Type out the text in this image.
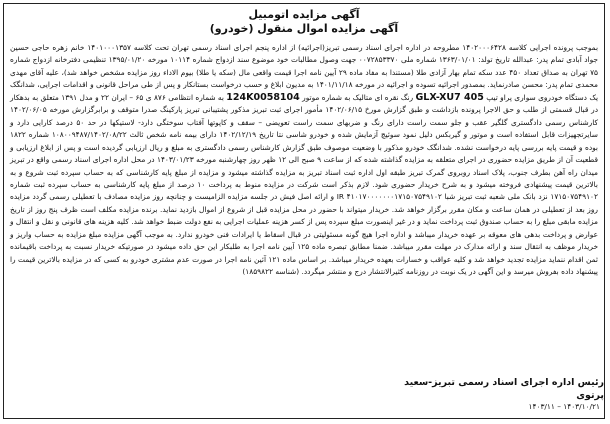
آگهی مزایده اتومبیل

آگهی مزایده اموال منقول (خودرو)

بموجب پرونده اجرایی کلاسه ۱۴۰۲۰۰۰۶۴۲۸ مطروحه در اداره اجرای اسناد رسمی تبریز(اجرائیه) از اداره پنجم اجرای اسناد رسمی تهران تحت کلاسه ۱۴۰۱۰۰۰۱۳۵۷ خانم زهره حاجی حسین جواد آبادی تمام پدر: عبدالله تاریخ تولد: ۱۳۶۳/۰۱/۰۱ شماره ملی ۰۰۷۲۸۵۳۳۷۰ جهت وصول مطالبات خود موضوع سند ازدواج شماره ۱۰۱۱۴ مورخه ۱۳۹۵/۰۱/۲۰ تنظیمی دفترخانه ازدواج شماره ۷۵ تهران به صداق تعداد ۴۵۰ عدد سکه تمام بهار آزادی طلا (مستندا به مفاد ماده ۲۹ آیین نامه اجرا قیمت واقعی مال (سکه یا طلا) بیوم الاداء روز مزایده مشخص خواهد شد)، علیه آقای مهدی محمدی تمام پدر: محسن صادرنماید. بمصدور اجرائیه تسوده و اجرائیه در مورخه ۱۴۰۱/۱۱/۱۸ به مدیون ابلاغ و حسب درخواست بستانکار و پس از طی مراحل قانونی و اقدامات اجرایی، شدانگک یک دستگاه خودروی سواری پراو تیپ GLX-XU7 405 رنگ نقره ای متالیک به شماره موتور 124K0058104 به شماره انتظامی ۸۷۶ ی ۶۵ – ایران ۲۲ و مدل ۱۳۹۱ متعلق به بدهکار در قبال قسمتی از طلب و حق الاجرا پرونده بازداشت و طبق گزارش مورخ ۱۴۰۲/۰۶/۱۵ مأمور اجرای ثبت تبریز مذکور پشتیبانی تبریز پارکینگ صدرا متوقف و برابرگزارش مورخه ۱۴۰۲/۰۶/۰۵ کارشناس رسمی دادگستری گلگیر عقب و جلو سمت راست دارای رنگ و ضربهای سمت راست تعویضی – سقف و کاپوتها آفتاب سوختگی دارد- لاستیکها در حد ۵۰ درصد کارایی دارد و سایرتجهیزات قابل استفاده است و موتور و گیربکس دلیل نمود سوئیچ آزمایش شده و خودرو شاسی نتا تاریخ ۱۴۰۲/۱۲/۱۹ دارای بیمه نامه شخص ثالث ۱۰۸۰۰۹۴۸۷/۱۴۰۲/۰۸/۲۲ شماره ۱۸۲۲ بوده و قیمت پایه بررسی پایه درخواست نشده. شدانگک خودرو مذکور با وضعیت موصوف طبق گزارش کارشناس رسمی دادگستری به مبلغ و ریال ارزیابی گردیده است و پس از ابلاغ ارزیابی و قطعیت آن از طریق مزایده حضوری در اجرای متعلقه به مزایده گذاشته شده که از ساعت ۹ صبح الی ۱۲ ظهر روز چهارشنبه مورخه ۱۴۰۳/۰۱/۲۳ در محل اداره اجرای اسناد رسمی واقع در تبریز میدان راه آهن بطرف جنوب، پلاک اسناد روبروی گمرک تبریز طبقه اول اداره ثبت اسناد تبریز به مزایده گذاشته میشود و مزایده از مبلغ پایه کارشناسی که به حساب سپرده ثبت شروع و به بالاترین قیمت پیشنهادی فروخته میشود و به شرح خریدار حضوری شود. لازم بذکر است شرکت در مزایده منوط به پرداخت ۱۰ درصد از مبلغ پایه کارشناسی به حساب سپرده ثبت شماره ۱۷۱۵۰۷۵۴۹۱۰۲ نزد بانک ملی شعبه ثبت تبریز شبا IR ۴۱۰۱۷۰۰۰۰۰۰۰۱۷۱۵۰۷۵۴۹۱۰۲ و ارائه اصل فیش در جلسه مزایده الزامیست و چنانچه روز مزایده مصادف با تعطیلی رسمی گردد مزایده روز بعد از تعطیلی در همان ساعت و مکان مقرر برگزار خواهد شد. خریدار میتواند با حضور در محل مزایده قبل از شروع از اموال بازدید نماید. برنده مزایده مکلف است ظرف پنج روز از تاریخ مزایده مابقی مبلغ را به حساب صندوق ثبت پرداخت نماید و در غیر اینصورت مبلغ سپرده پس از کسر هزینه عملیات اجرایی به نفع دولت ضبط خواهد شد. کلیه هزینه های قانونی و نقل و انتقال و عوارض و پرداخت بدهی های معوقه بر عهده خریدار میباشد و اداره اجرا هیچ گونه مسئولیتی در قبال اسقاط یا ایرادات فنی خودرو ندارد. به موجب آگهی مزایده مبلغ مزایده به حساب واریز و خریدار موظف به انتقال سند و ارائه مدارک در مهلت مقرر میباشد. ضمنا مطابق تبصره ماده ۱۲۵ آیین نامه اجرا به طلبکار این حق داده میشود در صورتیکه خریدار نسبت به پرداخت باقیمانده ثمن اقدام ننماید مزایده تجدید خواهد شد و کلیه عواقب و خسارات بعهده خریدار میباشد. بر اساس ماده ۱۲۱ آئین نامه اجرا در صورت عدم مشتری خودرو به کسی که در مزایده بالاترین قیمت را پیشنهاد داده بفروش میرسد و این آگهی در یک نوبت در روزنامه کثیرالانتشار درج و منتشر میگردد. (شناسه ۱۸۵۹۸۲۲)

رئیس اداره اجرای اسناد رسمی تبریز-سعید پرتوی
۱۴۰۳/۱۰/۲۱ – ۱۴۰۳/۱۱
